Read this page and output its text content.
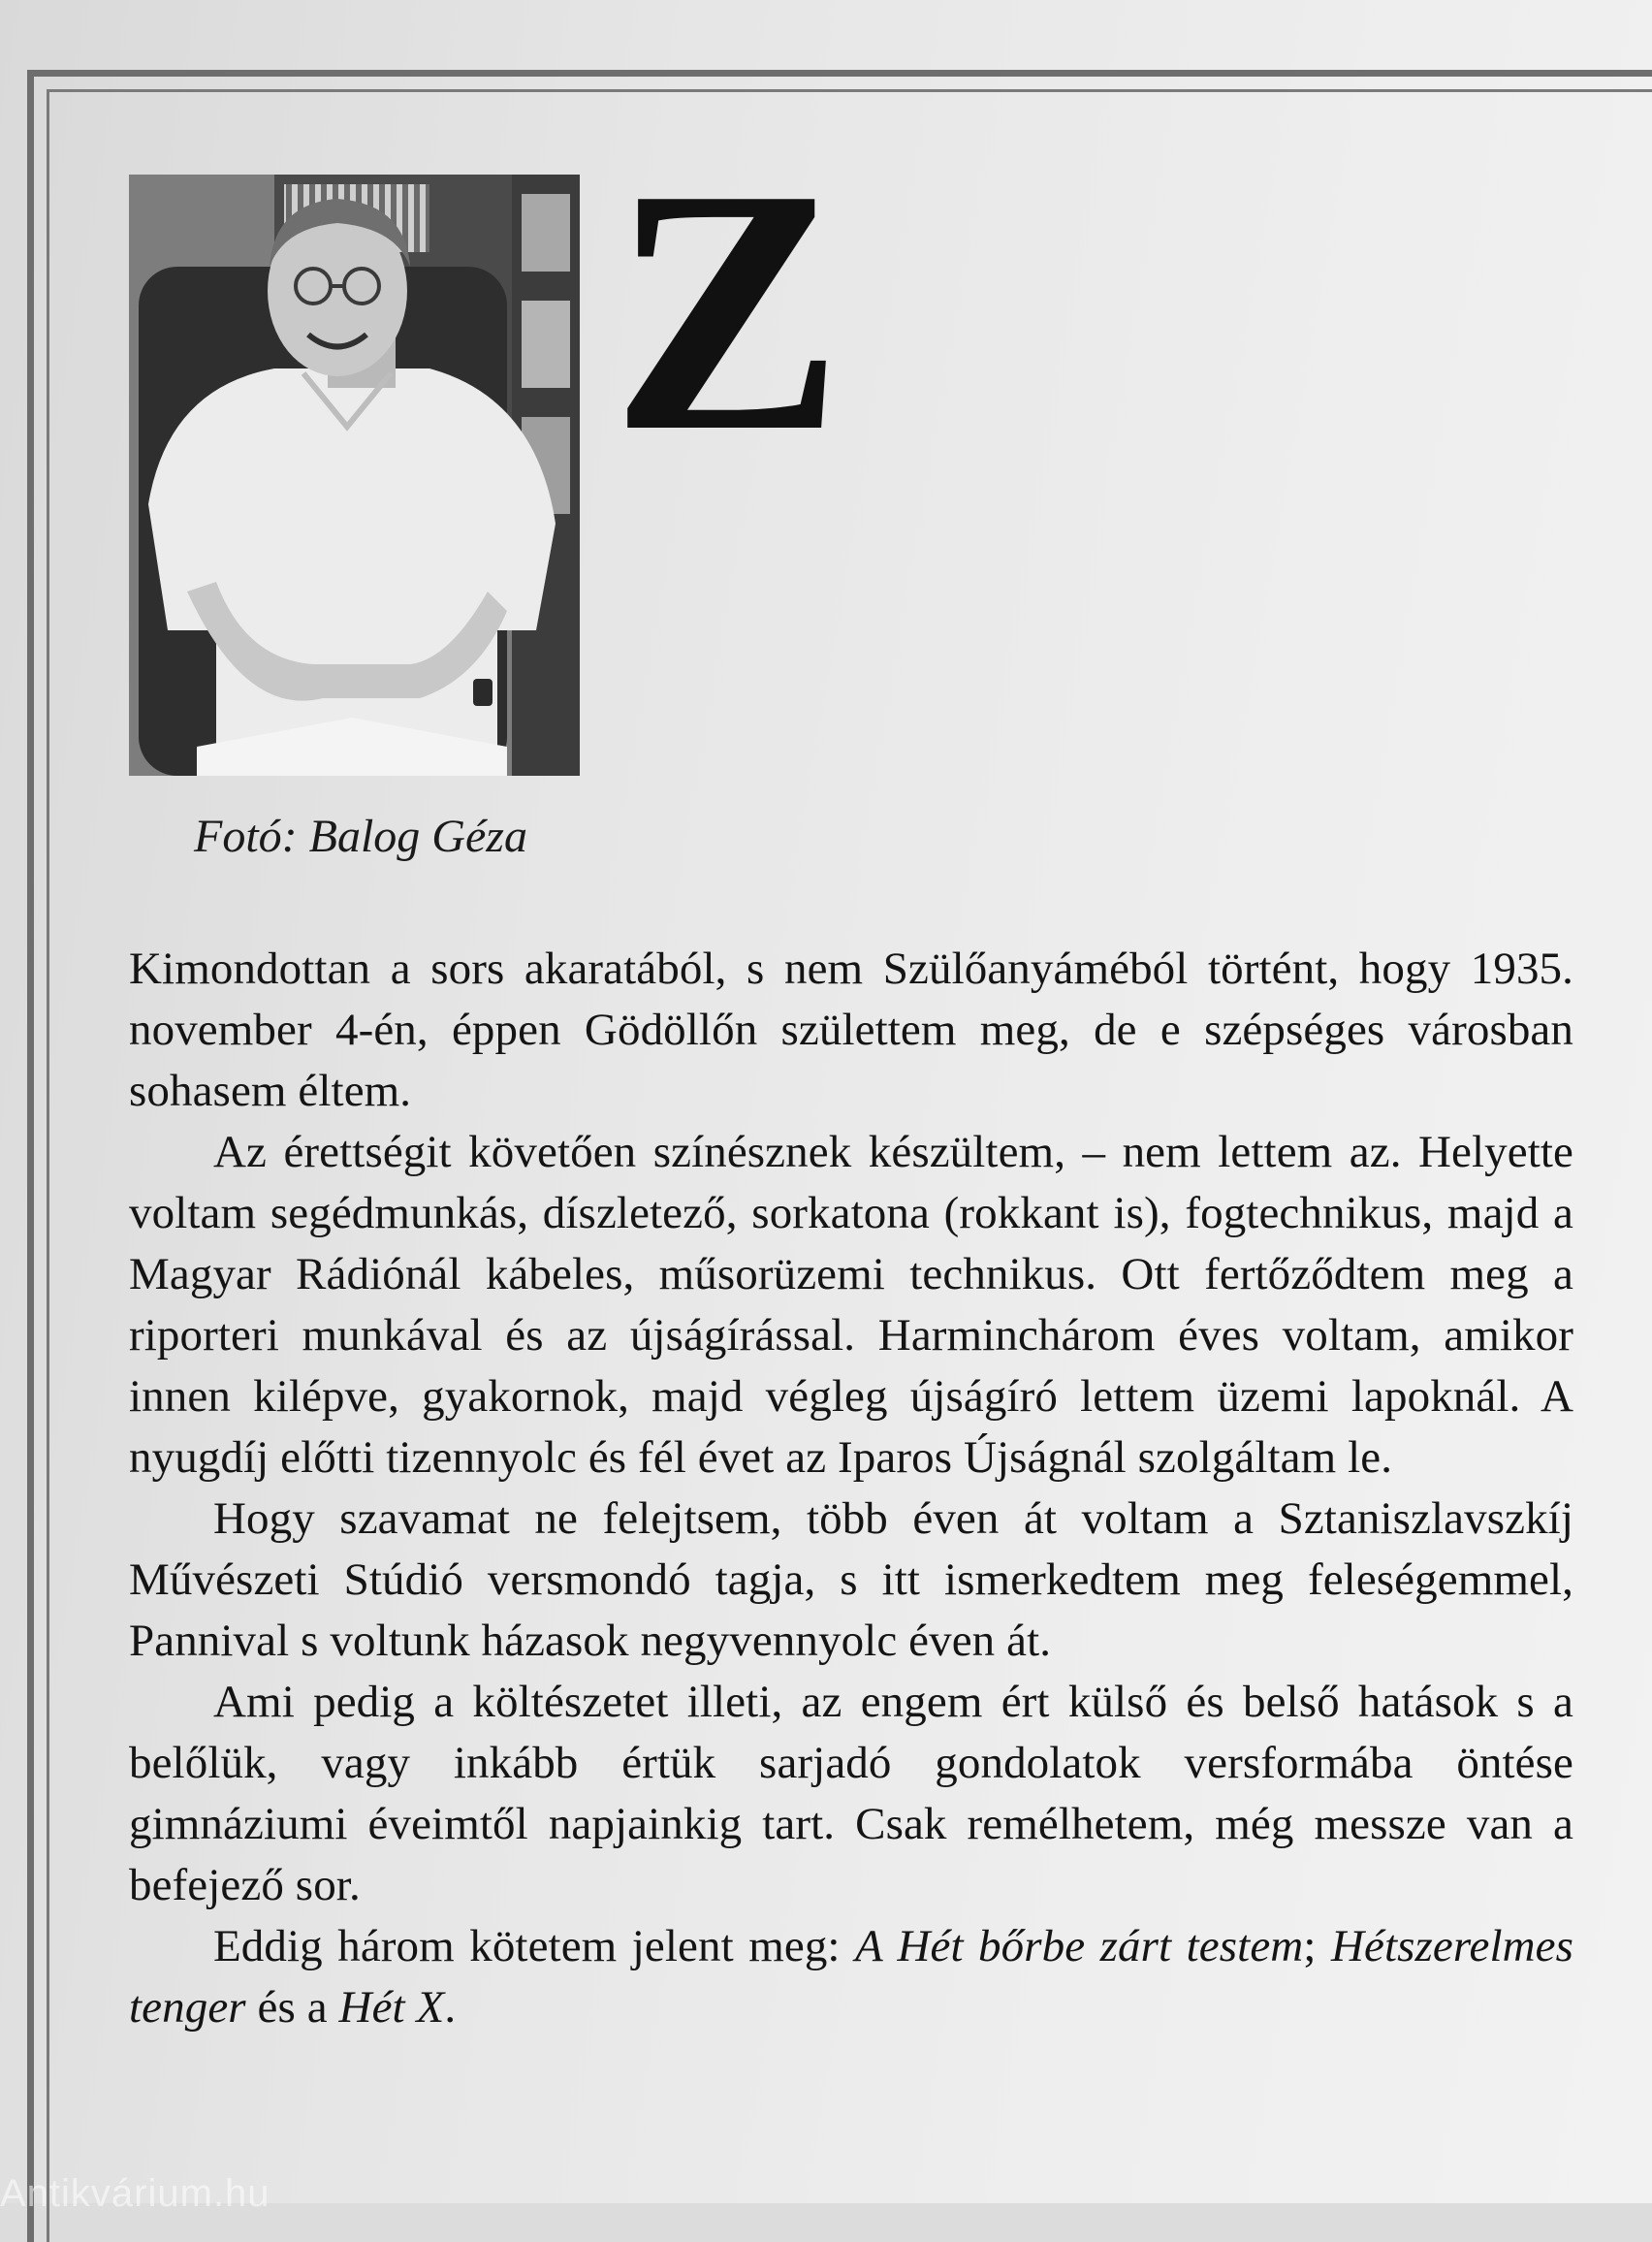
Z
Fotó: Balog Géza

Kimondottan a sors akaratából, s nem Szülőanyáméból történt, hogy 1935. november 4-én, éppen Gödöllőn születtem meg, de e szépséges városban sohasem éltem.

Az érettségit követően színésznek készültem, – nem lettem az. Helyette voltam segédmunkás, díszletező, sorkatona (rokkant is), fogtechnikus, majd a Magyar Rádiónál kábeles, műsorüzemi technikus. Ott fertőződtem meg a riporteri munkával és az újságírással. Harminchárom éves voltam, amikor innen kilépve, gyakornok, majd végleg újságíró lettem üzemi lapoknál. A nyugdíj előtti tizennyolc és fél évet az Iparos Újságnál szolgáltam le.

Hogy szavamat ne felejtsem, több éven át voltam a Sztaniszlavszkíj Művészeti Stúdió versmondó tagja, s itt ismerkedtem meg feleségemmel, Pannival s voltunk házasok negyvennyolc éven át.

Ami pedig a költészetet illeti, az engem ért külső és belső hatások s a belőlük, vagy inkább értük sarjadó gondolatok versformába öntése gimnáziumi éveimtől napjainkig tart. Csak remélhetem, még messze van a befejező sor.

Eddig három kötetem jelent meg: A Hét bőrbe zárt testem; Hétszerelmes tenger és a Hét X.

Antikvárium.hu
